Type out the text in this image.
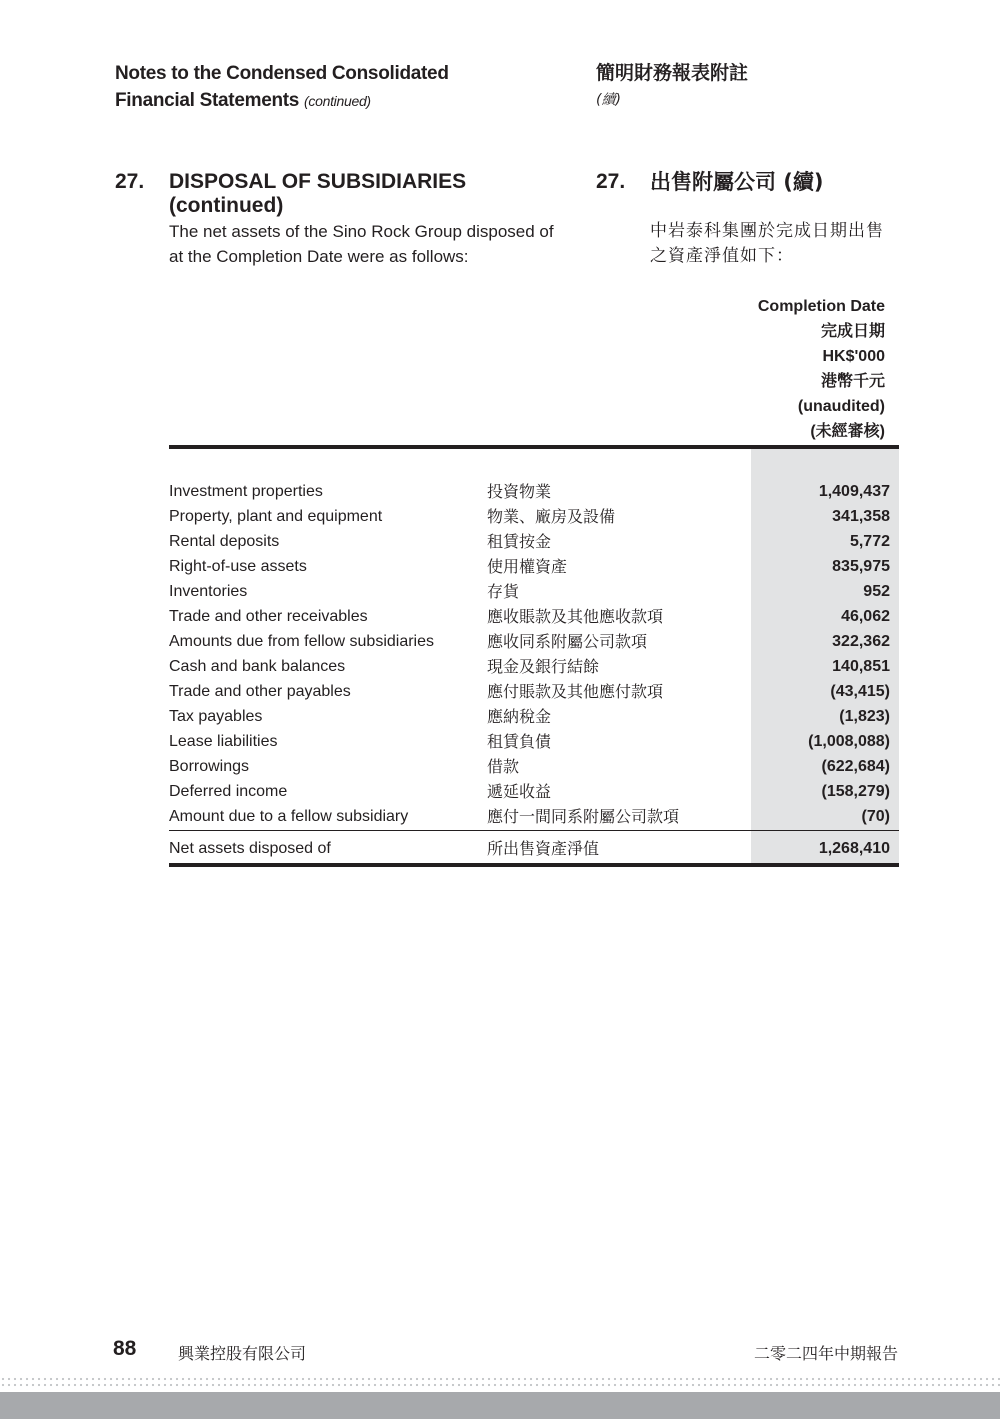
Notes to the Condensed Consolidated
Financial Statements (continued)
簡明財務報表附註
(續)
27. DISPOSAL OF SUBSIDIARIES
(continued)
The net assets of the Sino Rock Group disposed of
at the Completion Date were as follows:
27. 出售附屬公司 (續)
中岩泰科集團於完成日期出售
之資產淨值如下：
Completion Date
完成日期
HK$'000
港幣千元
(unaudited)
(未經審核)
Investment properties	投資物業	1,409,437
Property, plant and equipment	物業、廠房及設備	341,358
Rental deposits	租賃按金	5,772
Right-of-use assets	使用權資產	835,975
Inventories	存貨	952
Trade and other receivables	應收賬款及其他應收款項	46,062
Amounts due from fellow subsidiaries	應收同系附屬公司款項	322,362
Cash and bank balances	現金及銀行結餘	140,851
Trade and other payables	應付賬款及其他應付款項	(43,415)
Tax payables	應納稅金	(1,823)
Lease liabilities	租賃負債	(1,008,088)
Borrowings	借款	(622,684)
Deferred income	遞延收益	(158,279)
Amount due to a fellow subsidiary	應付一間同系附屬公司款項	(70)
Net assets disposed of	所出售資產淨值	1,268,410
88	興業控股有限公司	二零二四年中期報告
